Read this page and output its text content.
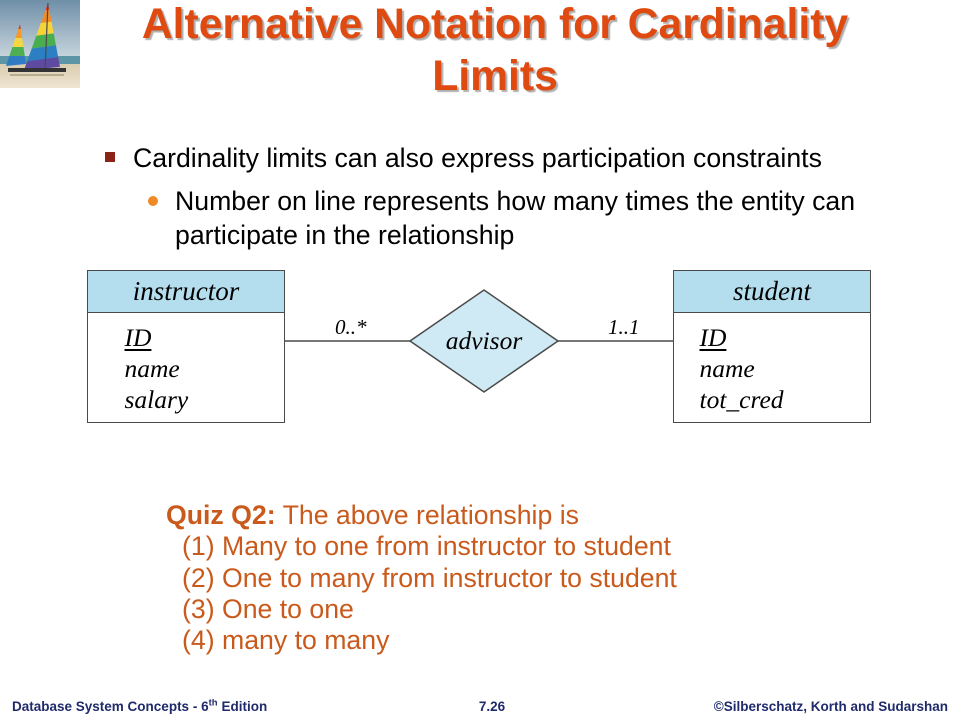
Alternative Notation for Cardinality
Limits
Cardinality limits can also express participation constraints
Number on line represents how many times the entity can
participate in the relationship
instructor
ID
name
salary
advisor
0..*	1..1
student
ID
name
tot_cred
Quiz Q2: The above relationship is
(1) Many to one from instructor to student
(2) One to many from instructor to student
(3) One to one
(4) many to many
Database System Concepts - 6th Edition	7.26	©Silberschatz, Korth and Sudarshan
